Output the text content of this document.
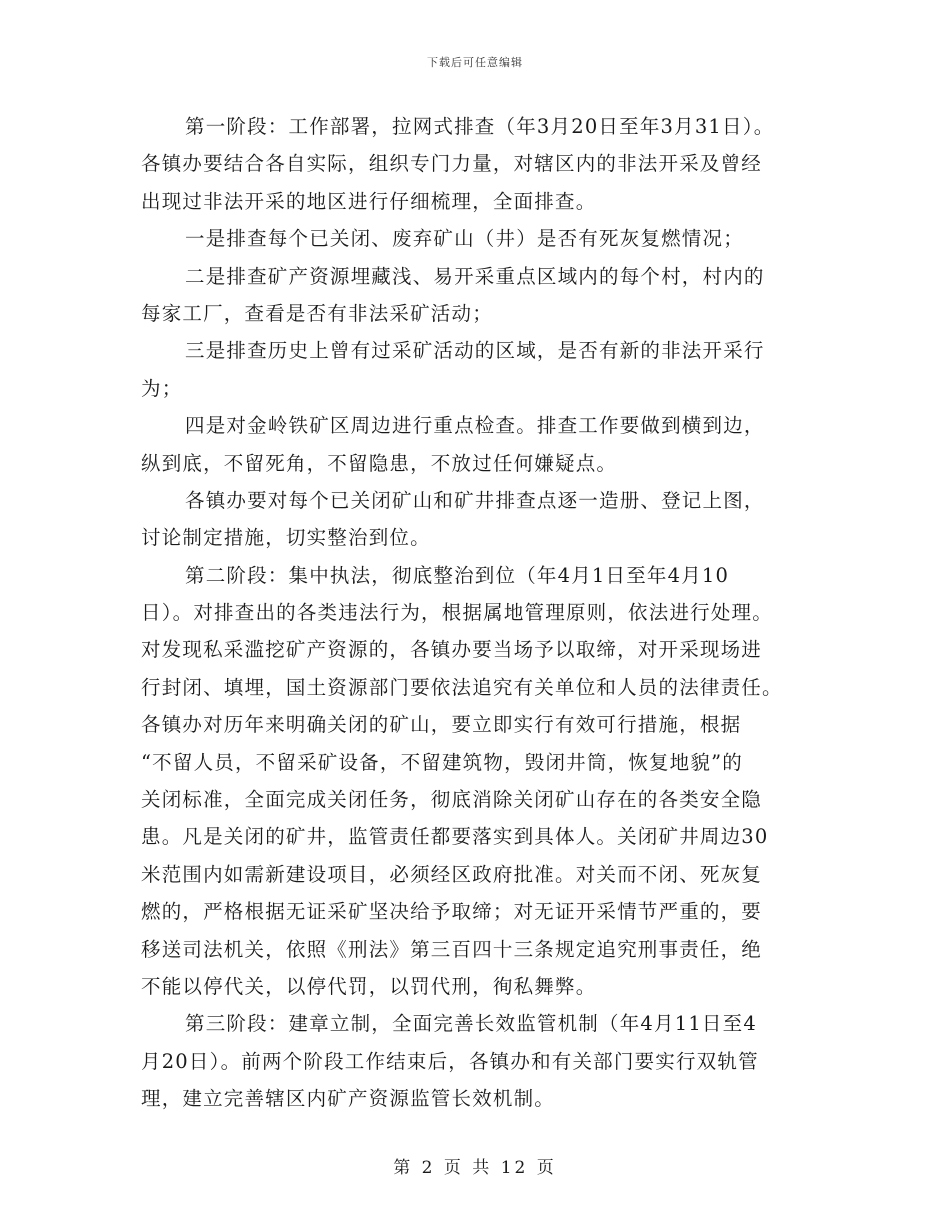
下载后可任意编辑
第一阶段：工作部署，拉网式排查（年3月20日至年3月31日）。
各镇办要结合各自实际，组织专门力量，对辖区内的非法开采及曾经
出现过非法开采的地区进行仔细梳理，全面排查。
一是排查每个已关闭、废弃矿山（井）是否有死灰复燃情况；
二是排查矿产资源埋藏浅、易开采重点区域内的每个村，村内的
每家工厂，查看是否有非法采矿活动；
三是排查历史上曾有过采矿活动的区域，是否有新的非法开采行
为；
四是对金岭铁矿区周边进行重点检查。排查工作要做到横到边，
纵到底，不留死角，不留隐患，不放过任何嫌疑点。
各镇办要对每个已关闭矿山和矿井排查点逐一造册、登记上图，
讨论制定措施，切实整治到位。
第二阶段：集中执法，彻底整治到位（年4月1日至年4月10
日）。对排查出的各类违法行为，根据属地管理原则，依法进行处理。
对发现私采滥挖矿产资源的，各镇办要当场予以取缔，对开采现场进
行封闭、填埋，国土资源部门要依法追究有关单位和人员的法律责任。
各镇办对历年来明确关闭的矿山，要立即实行有效可行措施，根据
“不留人员，不留采矿设备，不留建筑物，毁闭井筒，恢复地貌”的
关闭标准，全面完成关闭任务，彻底消除关闭矿山存在的各类安全隐
患。凡是关闭的矿井，监管责任都要落实到具体人。关闭矿井周边30
米范围内如需新建设项目，必须经区政府批准。对关而不闭、死灰复
燃的，严格根据无证采矿坚决给予取缔；对无证开采情节严重的，要
移送司法机关，依照《刑法》第三百四十三条规定追究刑事责任，绝
不能以停代关，以停代罚，以罚代刑，徇私舞弊。
第三阶段：建章立制，全面完善长效监管机制（年4月11日至4
月20日）。前两个阶段工作结束后，各镇办和有关部门要实行双轨管
理，建立完善辖区内矿产资源监管长效机制。
第 2 页 共 12 页
